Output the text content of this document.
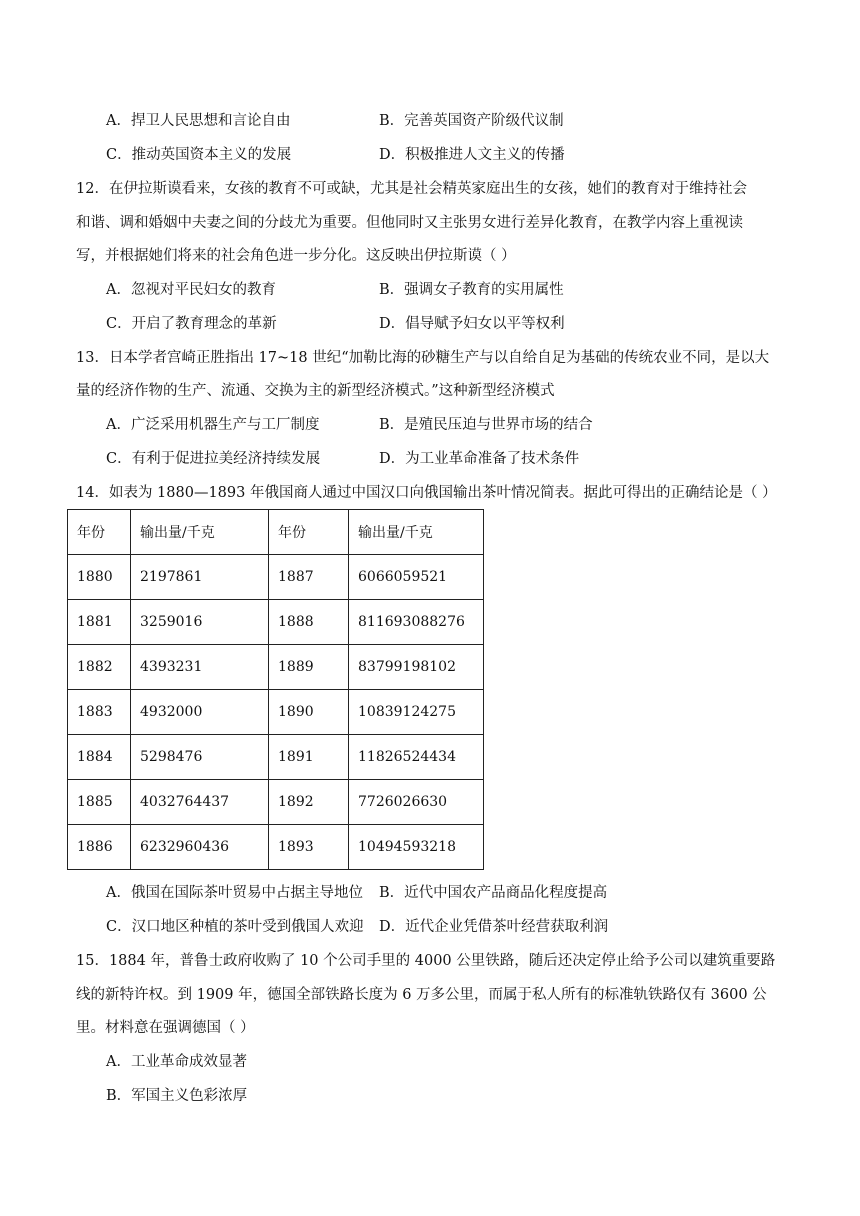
A．捍卫人民思想和言论自由	B．完善英国资产阶级代议制
C．推动英国资本主义的发展	D．积极推进人文主义的传播
12．在伊拉斯谟看来，女孩的教育不可或缺，尤其是社会精英家庭出生的女孩，她们的教育对于维持社会
和谐、调和婚姻中夫妻之间的分歧尤为重要。但他同时又主张男女进行差异化教育，在教学内容上重视读
写，并根据她们将来的社会角色进一步分化。这反映出伊拉斯谟（ ）
A．忽视对平民妇女的教育	B．强调女子教育的实用属性
C．开启了教育理念的革新	D．倡导赋予妇女以平等权利
13．日本学者宫崎正胜指出 17~18 世纪“加勒比海的砂糖生产与以自给自足为基础的传统农业不同，是以大
量的经济作物的生产、流通、交换为主的新型经济模式。”这种新型经济模式
A．广泛采用机器生产与工厂制度	B．是殖民压迫与世界市场的结合
C．有利于促进拉美经济持续发展	D．为工业革命准备了技术条件
14．如表为 1880—1893 年俄国商人通过中国汉口向俄国输出茶叶情况简表。据此可得出的正确结论是（ ）
年份	输出量/千克	年份	输出量/千克
1880	2197861	1887	6066059521
1881	3259016	1888	811693088276
1882	4393231	1889	83799198102
1883	4932000	1890	10839124275
1884	5298476	1891	11826524434
1885	4032764437	1892	7726026630
1886	6232960436	1893	10494593218
A．俄国在国际茶叶贸易中占据主导地位 B．近代中国农产品商品化程度提高
C．汉口地区种植的茶叶受到俄国人欢迎 D．近代企业凭借茶叶经营获取利润
15．1884 年，普鲁士政府收购了 10 个公司手里的 4000 公里铁路，随后还决定停止给予公司以建筑重要路
线的新特许权。到 1909 年，德国全部铁路长度为 6 万多公里，而属于私人所有的标准轨铁路仅有 3600 公
里。材料意在强调德国（ ）
A．工业革命成效显著
B．军国主义色彩浓厚
